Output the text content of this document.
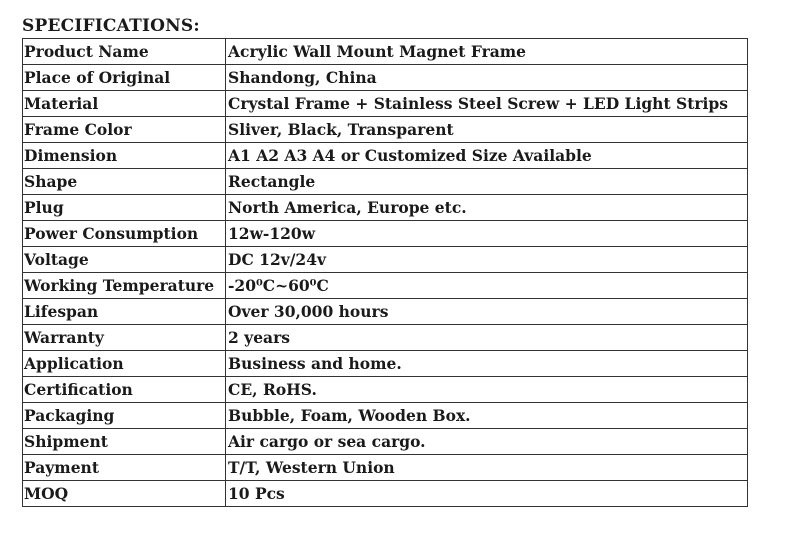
SPECIFICATIONS:
Product Name	Acrylic Wall Mount Magnet Frame
Place of Original	Shandong, China
Material	Crystal Frame + Stainless Steel Screw + LED Light Strips
Frame Color	Sliver, Black, Transparent
Dimension	A1 A2 A3 A4 or Customized Size Available
Shape	Rectangle
Plug	North America, Europe etc.
Power Consumption	12w-120w
Voltage	DC 12v/24v
Working Temperature	-20⁰C~60⁰C
Lifespan	Over 30,000 hours
Warranty	2 years
Application	Business and home.
Certification	CE, RoHS.
Packaging	Bubble, Foam, Wooden Box.
Shipment	Air cargo or sea cargo.
Payment	T/T, Western Union
MOQ	10 Pcs
